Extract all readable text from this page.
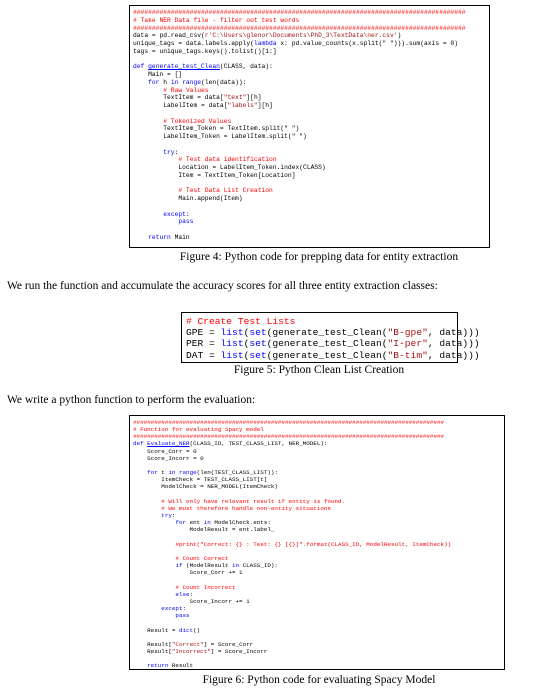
########################################################################################
# Take NER Data file - filter out test words
########################################################################################
data = pd.read_csv(r'C:\Users\glenor\Documents\PhD_3\TextData\ner.csv')
unique_tags = data.labels.apply(lambda x: pd.value_counts(x.split(" "))).sum(axis = 0)
tags = unique_tags.keys().tolist()[1:]

def generate_test_Clean(CLASS, data):
Main = []
for h in range(len(data)):
# Raw Values
TextItem = data["text"][h]
LabelItem = data["labels"][h]

# Tokenized Values
TextItem_Token = TextItem.split(" ")
LabelItem_Token = LabelItem.split(" ")

try:
# Test data identification
Location = LabelItem_Token.index(CLASS)
Item = TextItem_Token[Location]

# Test Data List Creation
Main.append(Item)

except:
pass

return Main
Figure 4: Python code for prepping data for entity extraction
We run the function and accumulate the accuracy scores for all three entity extraction classes:
# Create Test Lists
GPE = list(set(generate_test_Clean("B-gpe", data)))
PER = list(set(generate_test_Clean("I-per", data)))
DAT = list(set(generate_test_Clean("B-tim", data)))
Figure 5: Python Clean List Creation
We write a python function to perform the evaluation:
########################################################################################
# Function for evaluating Spacy model
########################################################################################
def Evaluate_NER(CLASS_ID, TEST_CLASS_LIST, NER_MODEL):
Score_Corr = 0
Score_Incorr = 0

for t in range(len(TEST_CLASS_LIST)):
ItemCheck = TEST_CLASS_LIST[t]
ModelCheck = NER_MODEL(ItemCheck)

# Will only have relevant result if entity is found.
# We must therefore handle non-entity situations
try:
for ent in ModelCheck.ents:
ModelResult = ent.label_

#print("Correct: {} : Test: {} [{}]".format(CLASS_ID, ModelResult, ItemCheck))

# Count Correct
if (ModelResult in CLASS_ID):
Score_Corr += 1

# Count Incorrect
else:
Score_Incorr += 1
except:
pass

Result = dict()

Result["Correct"] = Score_Corr
Result["Incorrect"] = Score_Incorr

return Result
Figure 6: Python code for evaluating Spacy Model
